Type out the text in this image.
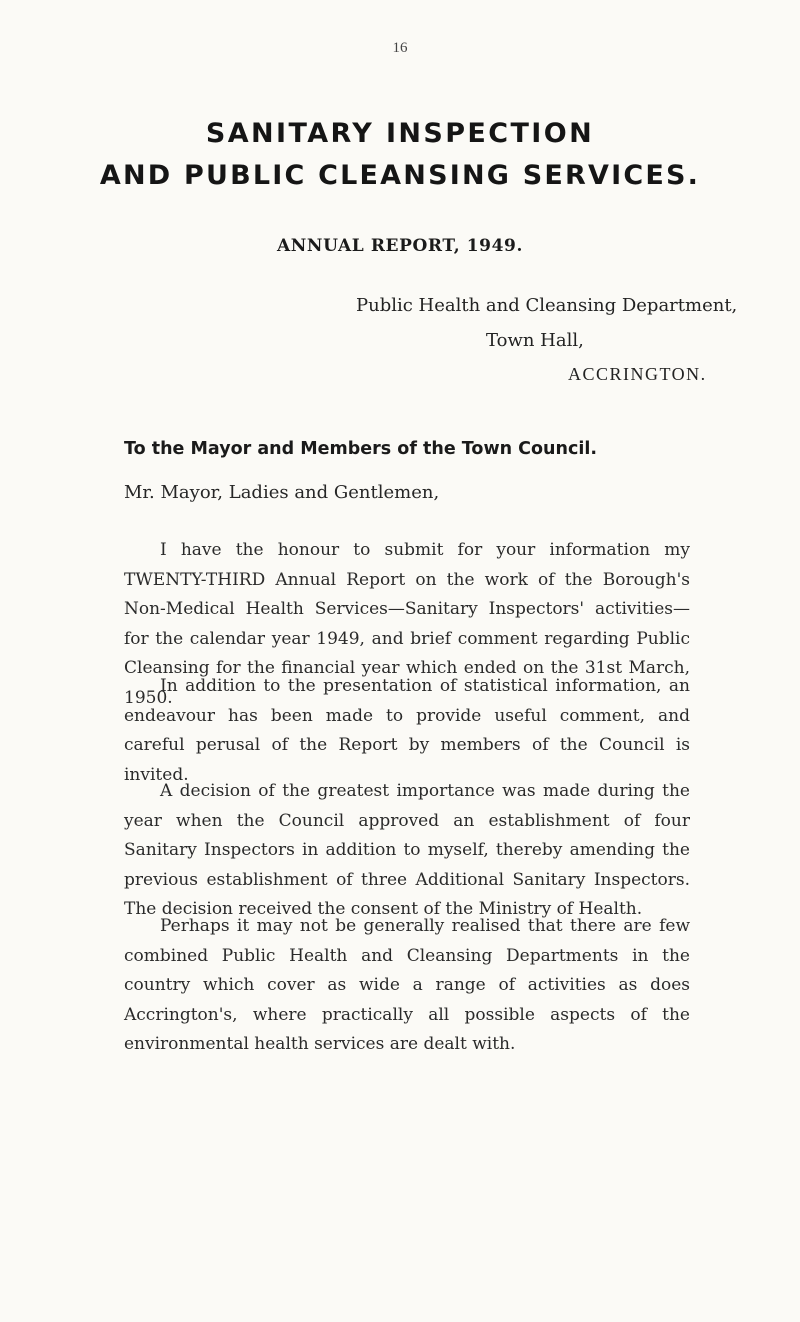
16
SANITARY INSPECTION
AND PUBLIC CLEANSING SERVICES.
ANNUAL REPORT, 1949.
Public Health and Cleansing Department,
Town Hall,
ACCRINGTON.
To the Mayor and Members of the Town Council.
Mr. Mayor, Ladies and Gentlemen,

I have the honour to submit for your information my TWENTY-THIRD Annual Report on the work of the Borough's Non-Medical Health Services—Sanitary Inspectors' activities—for the calendar year 1949, and brief comment regarding Public Cleansing for the financial year which ended on the 31st March, 1950.

In addition to the presentation of statistical information, an endeavour has been made to provide useful comment, and careful perusal of the Report by members of the Council is invited.

A decision of the greatest importance was made during the year when the Council approved an establishment of four Sanitary Inspectors in addition to myself, thereby amending the previous establishment of three Additional Sanitary Inspectors. The decision received the consent of the Ministry of Health.

Perhaps it may not be generally realised that there are few combined Public Health and Cleansing Departments in the country which cover as wide a range of activities as does Accrington's, where practically all possible aspects of the environmental health services are dealt with.
